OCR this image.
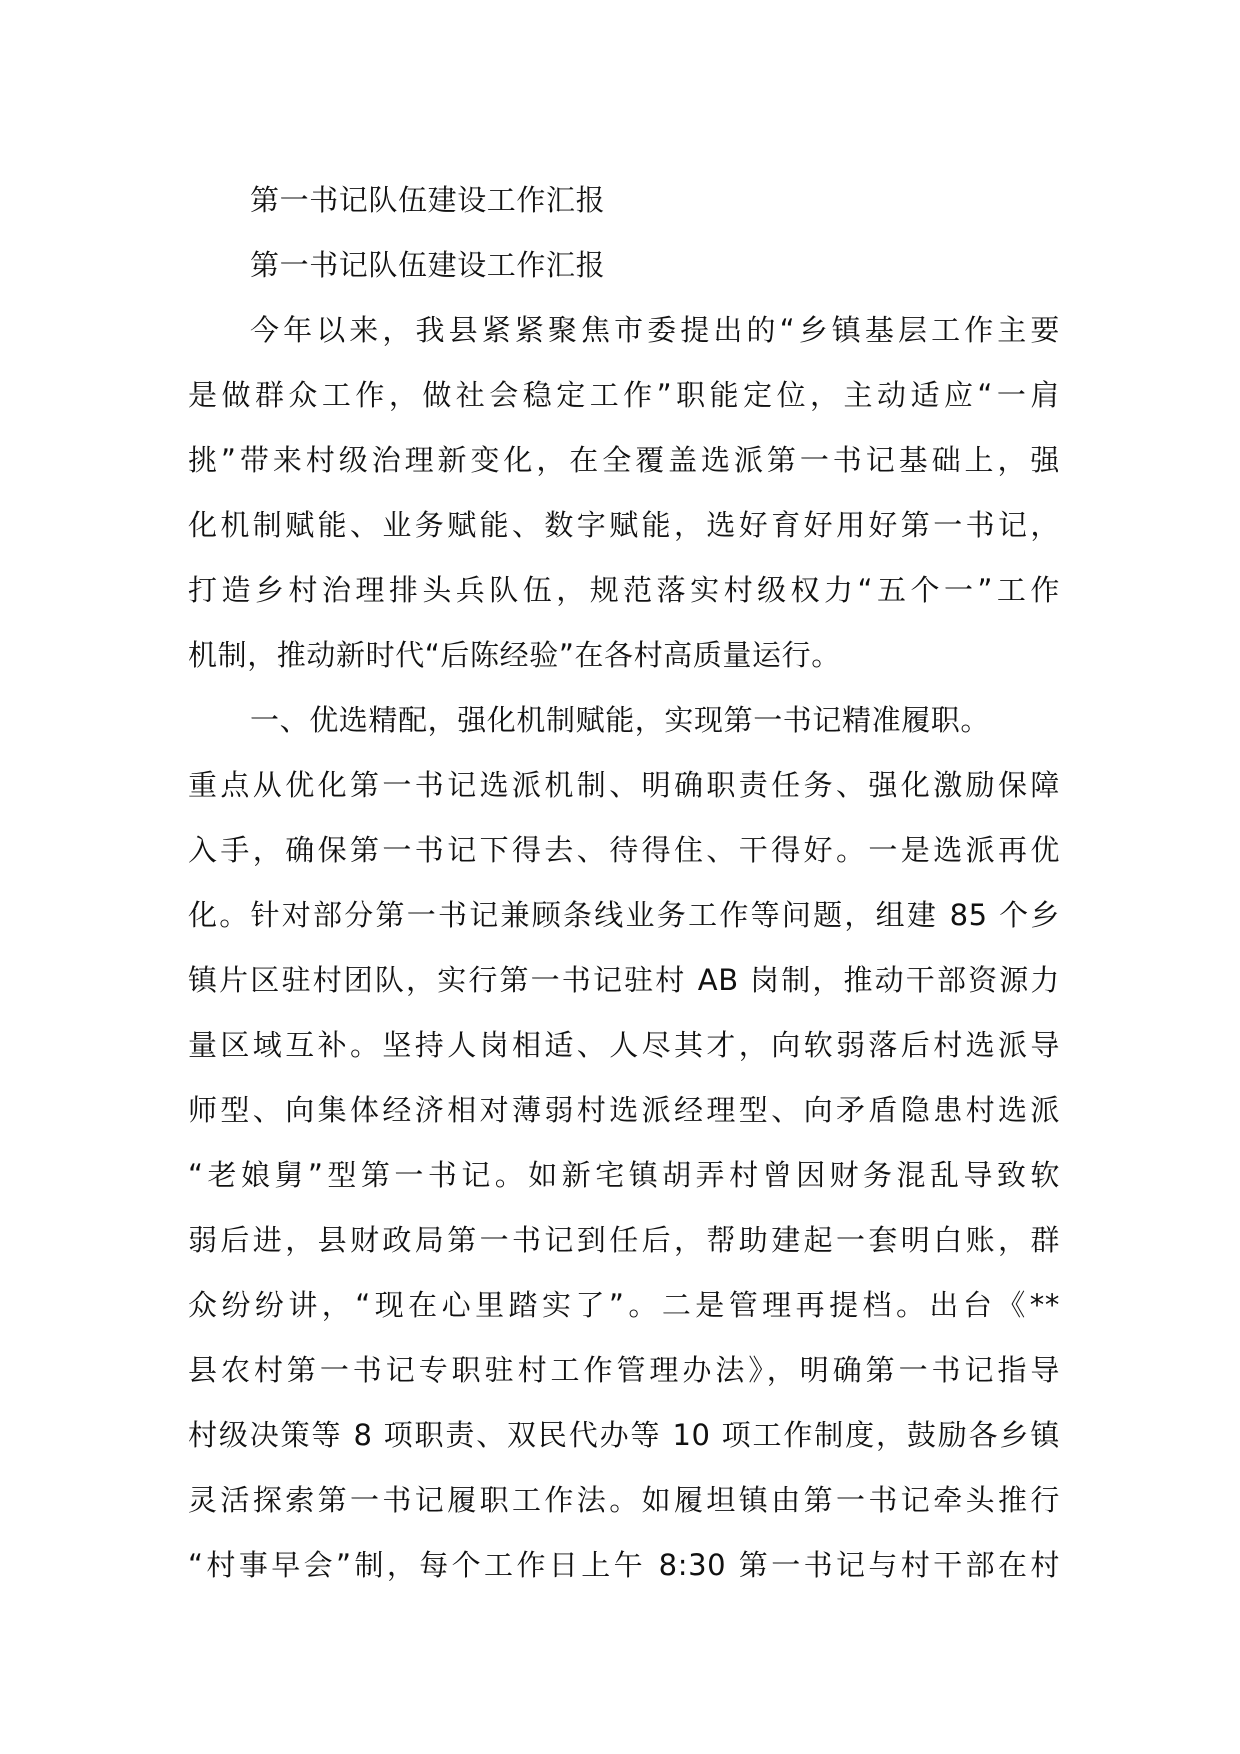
第一书记队伍建设工作汇报
第一书记队伍建设工作汇报
今年以来，我县紧紧聚焦市委提出的“乡镇基层工作主要
是做群众工作，做社会稳定工作”职能定位，主动适应“一肩
挑”带来村级治理新变化，在全覆盖选派第一书记基础上，强
化机制赋能、业务赋能、数字赋能，选好育好用好第一书记，
打造乡村治理排头兵队伍，规范落实村级权力“五个一”工作
机制，推动新时代“后陈经验”在各村高质量运行。
一、优选精配，强化机制赋能，实现第一书记精准履职。
重点从优化第一书记选派机制、明确职责任务、强化激励保障
入手，确保第一书记下得去、待得住、干得好。一是选派再优
化。针对部分第一书记兼顾条线业务工作等问题，组建 85 个乡
镇片区驻村团队，实行第一书记驻村 AB 岗制，推动干部资源力
量区域互补。坚持人岗相适、人尽其才，向软弱落后村选派导
师型、向集体经济相对薄弱村选派经理型、向矛盾隐患村选派
“老娘舅”型第一书记。如新宅镇胡弄村曾因财务混乱导致软
弱后进，县财政局第一书记到任后，帮助建起一套明白账，群
众纷纷讲，“现在心里踏实了”。二是管理再提档。出台《**
县农村第一书记专职驻村工作管理办法》，明确第一书记指导
村级决策等 8 项职责、双民代办等 10 项工作制度，鼓励各乡镇
灵活探索第一书记履职工作法。如履坦镇由第一书记牵头推行
“村事早会”制，每个工作日上午 8:30 第一书记与村干部在村
